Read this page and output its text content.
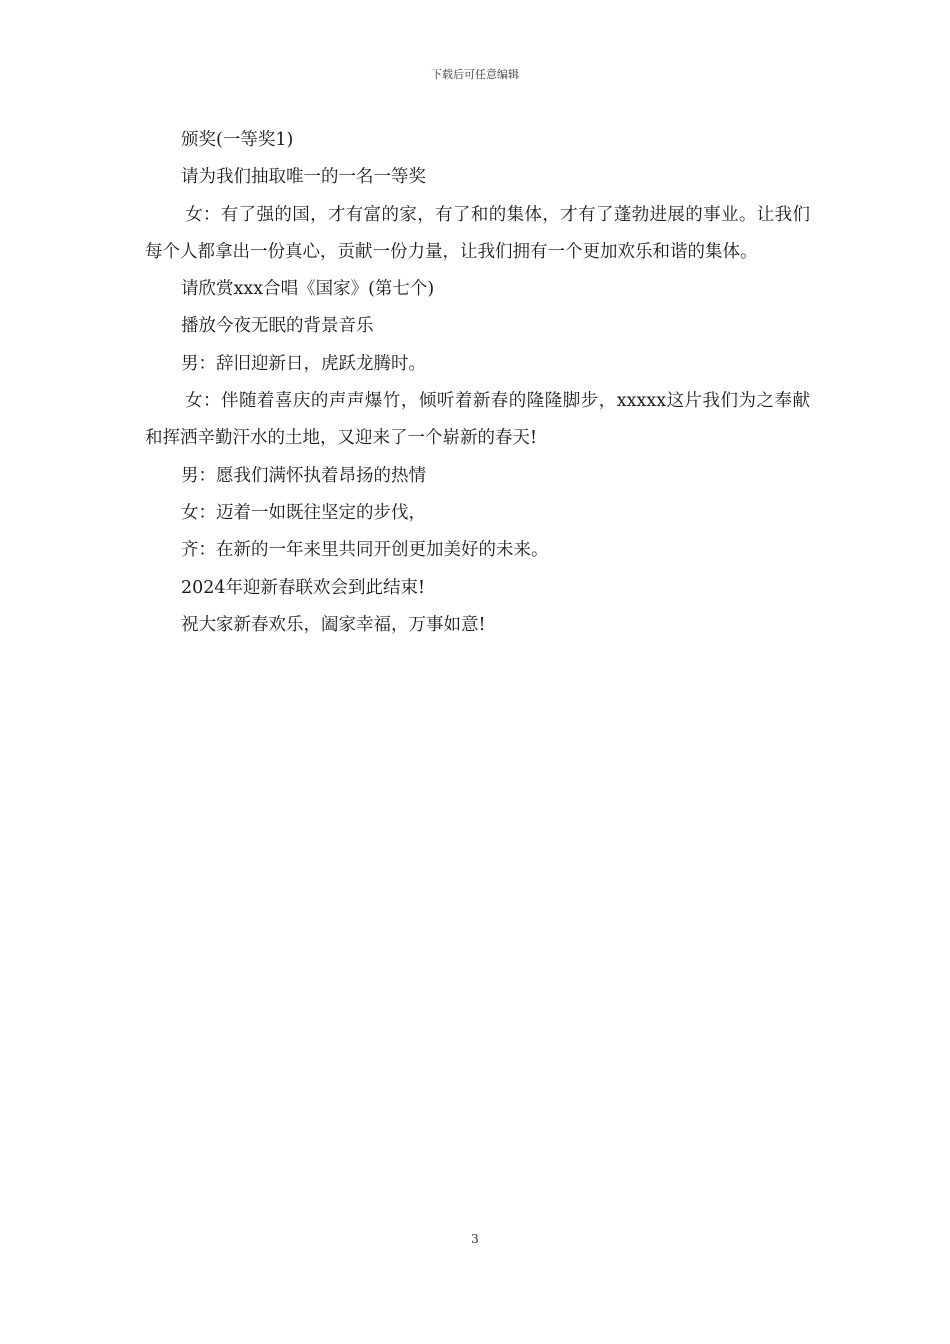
下载后可任意编辑

颁奖(一等奖1)

请为我们抽取唯一的一名一等奖

女：有了强的国，才有富的家，有了和的集体，才有了蓬勃进展的事业。让我们每个人都拿出一份真心，贡献一份力量，让我们拥有一个更加欢乐和谐的集体。

请欣赏xxx合唱《国家》(第七个)

播放今夜无眠的背景音乐

男：辞旧迎新日，虎跃龙腾时。

女：伴随着喜庆的声声爆竹，倾听着新春的隆隆脚步，xxxxx这片我们为之奉献和挥洒辛勤汗水的土地，又迎来了一个崭新的春天!

男：愿我们满怀执着昂扬的热情

女：迈着一如既往坚定的步伐，

齐：在新的一年来里共同开创更加美好的未来。

2024年迎新春联欢会到此结束!

祝大家新春欢乐，阖家幸福，万事如意!

3
